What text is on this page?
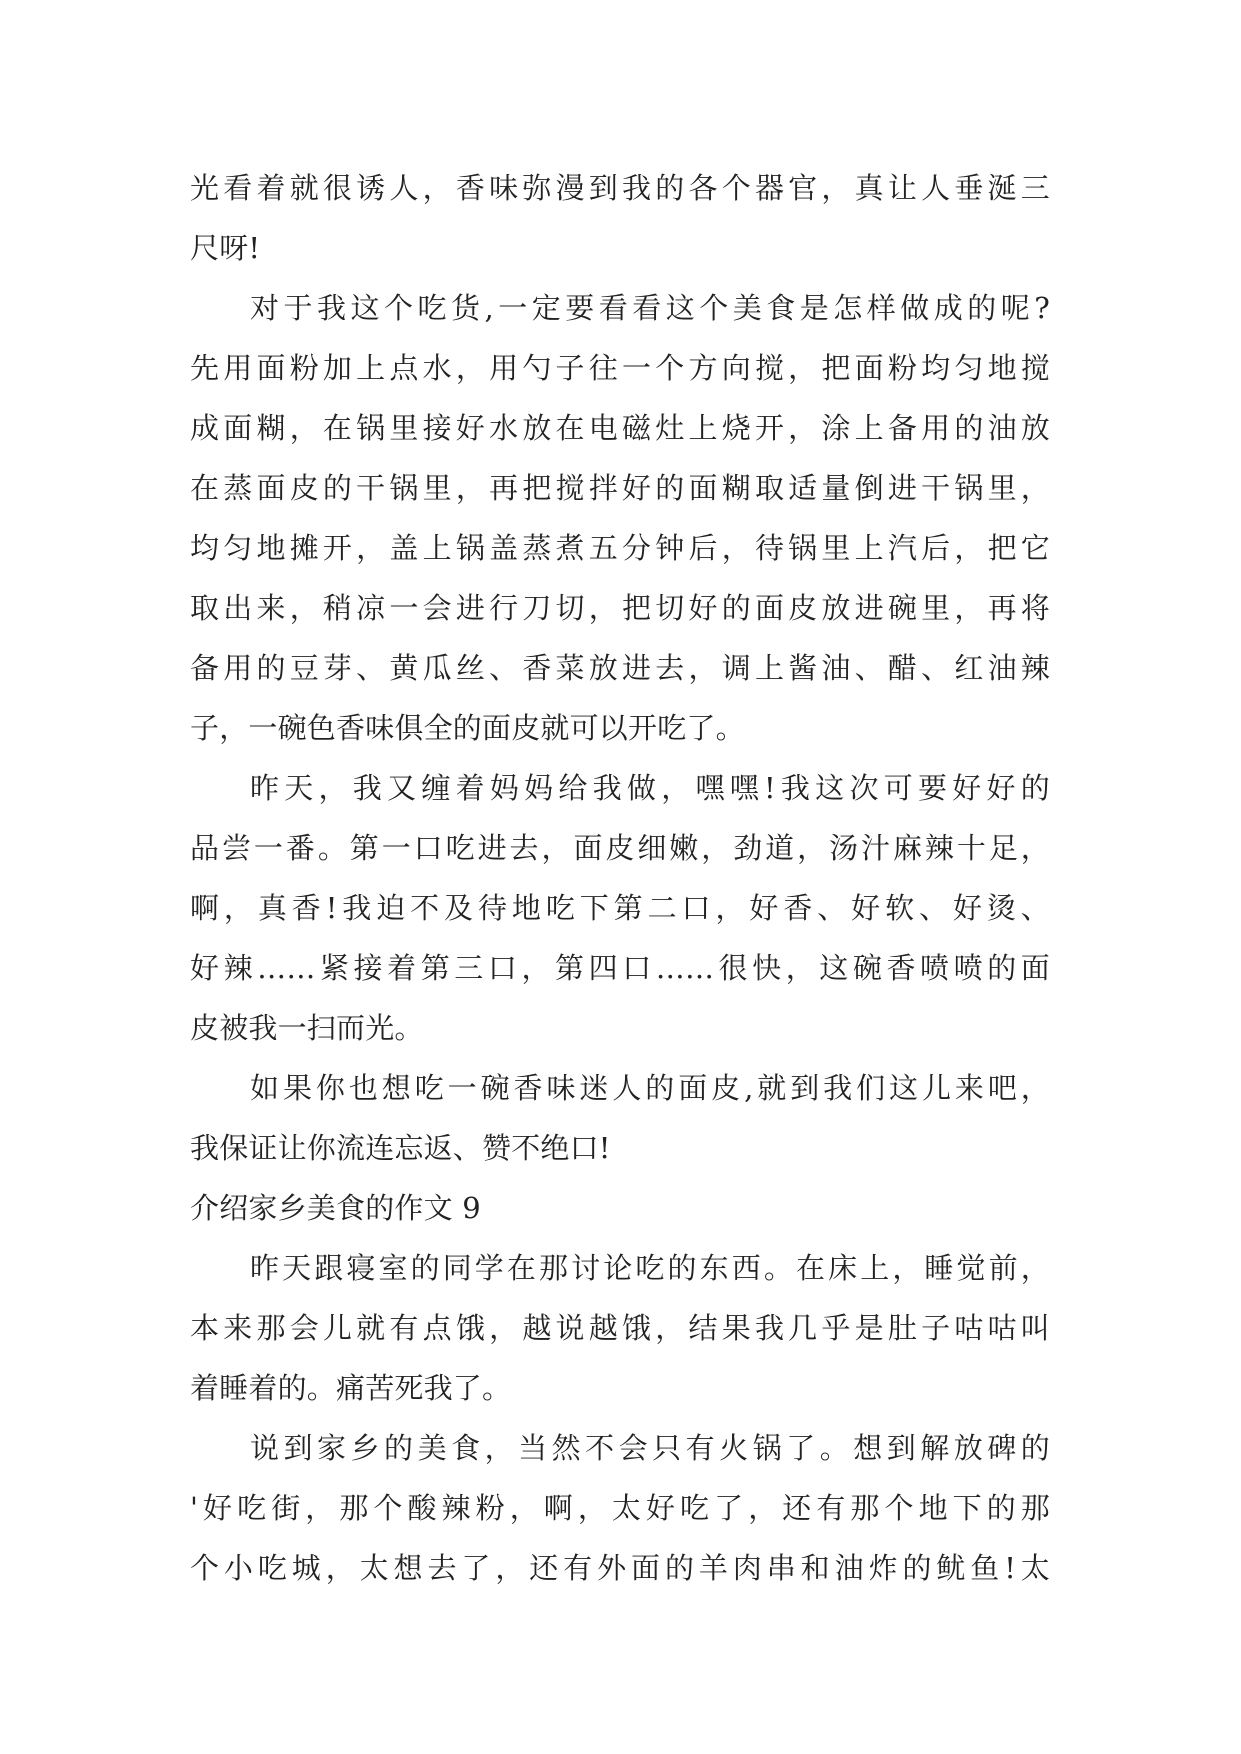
光看着就很诱人，香味弥漫到我的各个器官，真让人垂涎三
尺呀!
对于我这个吃货,一定要看看这个美食是怎样做成的呢?
先用面粉加上点水，用勺子往一个方向搅，把面粉均匀地搅
成面糊，在锅里接好水放在电磁灶上烧开，涂上备用的油放
在蒸面皮的干锅里，再把搅拌好的面糊取适量倒进干锅里，
均匀地摊开，盖上锅盖蒸煮五分钟后，待锅里上汽后，把它
取出来，稍凉一会进行刀切，把切好的面皮放进碗里，再将
备用的豆芽、黄瓜丝、香菜放进去，调上酱油、醋、红油辣
子，一碗色香味俱全的面皮就可以开吃了。
昨天，我又缠着妈妈给我做，嘿嘿!我这次可要好好的
品尝一番。第一口吃进去，面皮细嫩，劲道，汤汁麻辣十足，
啊，真香!我迫不及待地吃下第二口，好香、好软、好烫、
好辣……紧接着第三口，第四口……很快，这碗香喷喷的面
皮被我一扫而光。
如果你也想吃一碗香味迷人的面皮,就到我们这儿来吧，
我保证让你流连忘返、赞不绝口!
介绍家乡美食的作文 9
昨天跟寝室的同学在那讨论吃的东西。在床上，睡觉前，
本来那会儿就有点饿，越说越饿，结果我几乎是肚子咕咕叫
着睡着的。痛苦死我了。
说到家乡的美食，当然不会只有火锅了。想到解放碑的
'好吃街，那个酸辣粉，啊，太好吃了，还有那个地下的那
个小吃城，太想去了，还有外面的羊肉串和油炸的鱿鱼!太
